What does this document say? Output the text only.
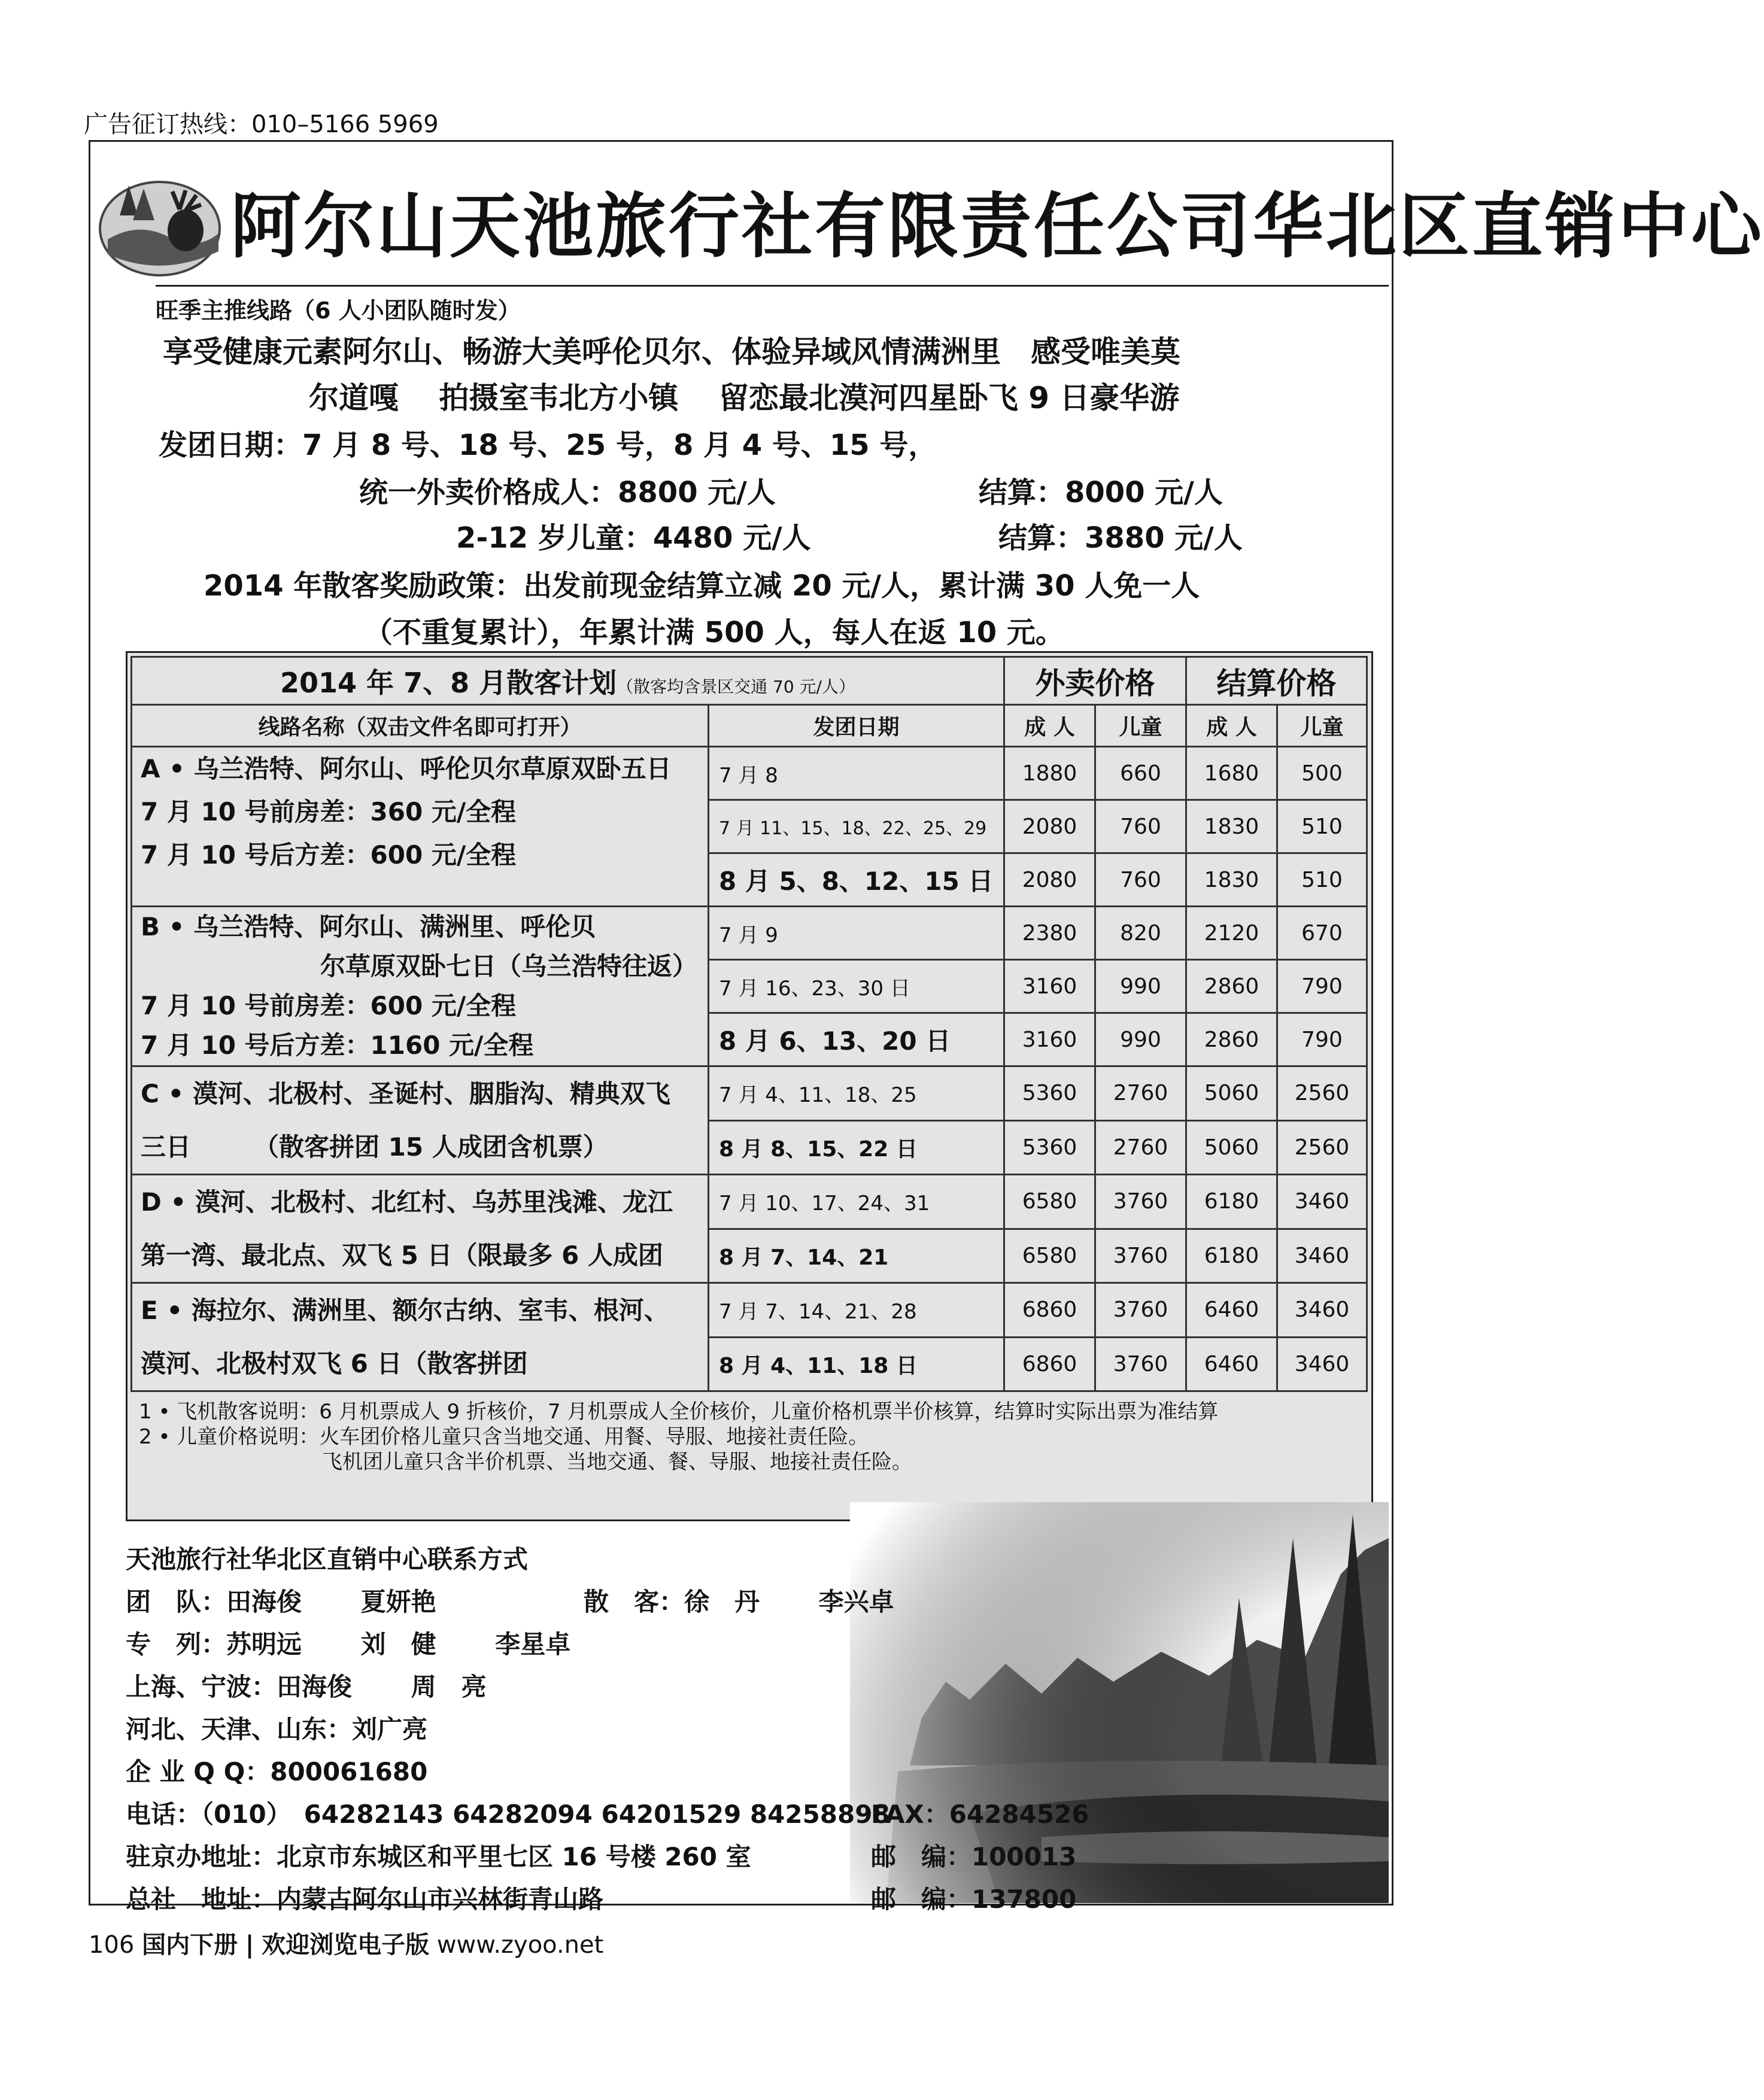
广告征订热线：010–5166 5969
阿尔山天池旅行社有限责任公司华北区直销中心
旺季主推线路（6 人小团队随时发）
享受健康元素阿尔山、畅游大美呼伦贝尔、体验异域风情满洲里　感受唯美莫
尔道嘎　 拍摄室韦北方小镇　 留恋最北漠河四星卧飞 9 日豪华游
发团日期：7 月 8 号、18 号、25 号，8 月 4 号、15 号，
统一外卖价格成人：8800 元/人	结算：8000 元/人
2-12 岁儿童：4480 元/人	结算：3880 元/人
2014 年散客奖励政策：出发前现金结算立减 20 元/人，累计满 30 人免一人
（不重复累计），年累计满 500 人，每人在返 10 元。
2014 年 7、8 月散客计划（散客均含景区交通 70 元/人）		外卖价格		结算价格	
线路名称（双击文件名即可打开）	发团日期	成 人	儿童	成 人	儿童

A • 乌兰浩特、阿尔山、呼伦贝尔草原双卧五日
7 月 10 号前房差：360 元/全程
7 月 10 号后方差：600 元/全程	7 月 8	1880	660	1680	500
	7 月 11、15、18、22、25、29	2080	760	1830	510
	8 月 5、8、12、15 日	2080	760	1830	510

B • 乌兰浩特、阿尔山、满洲里、呼伦贝
尔草原双卧七日（乌兰浩特往返）
7 月 10 号前房差：600 元/全程
7 月 10 号后方差：1160 元/全程	7 月 9	2380	820	2120	670
	7 月 16、23、30 日	3160	990	2860	790
	8 月 6、13、20 日	3160	990	2860	790

C • 漠河、北极村、圣诞村、胭脂沟、精典双飞
三日　　　（散客拼团 15 人成团含机票）	7 月 4、11、18、25	5360	2760	5060	2560
	8 月 8、15、22 日	5360	2760	5060	2560

D • 漠河、北极村、北红村、乌苏里浅滩、龙江
第一湾、最北点、双飞 5 日（限最多 6 人成团	7 月 10、17、24、31	6580	3760	6180	3460
	8 月 7、14、21	6580	3760	6180	3460

E • 海拉尔、满洲里、额尔古纳、室韦、根河、
漠河、北极村双飞 6 日（散客拼团	7 月 7、14、21、28	6860	3760	6460	3460
	8 月 4、11、18 日	6860	3760	6460	3460
1 • 飞机散客说明：6 月机票成人 9 折核价，7 月机票成人全价核价，儿童价格机票半价核算，结算时实际出票为准结算
2 • 儿童价格说明：火车团价格儿童只含当地交通、用餐、导服、地接社责任险。
　　　　　　　　　飞机团儿童只含半价机票、当地交通、餐、导服、地接社责任险。
天池旅行社华北区直销中心联系方式
团　队：田海俊　　 夏妍艳	散　客：徐　丹　　 李兴卓
专　列：苏明远　　 刘　健　　 李星卓
上海、宁波：田海俊　　 周　亮
河北、天津、山东：刘广亮
企 业 Q Q：800061680
电话：（010）　64282143 64282094 64201529 84258898
FAX：64284526
驻京办地址：北京市东城区和平里七区 16 号楼 260 室	邮　编：100013
总社　地址：内蒙古阿尔山市兴林街青山路	邮　编：137800
106 国内下册 | 欢迎浏览电子版 www.zyoo.net
